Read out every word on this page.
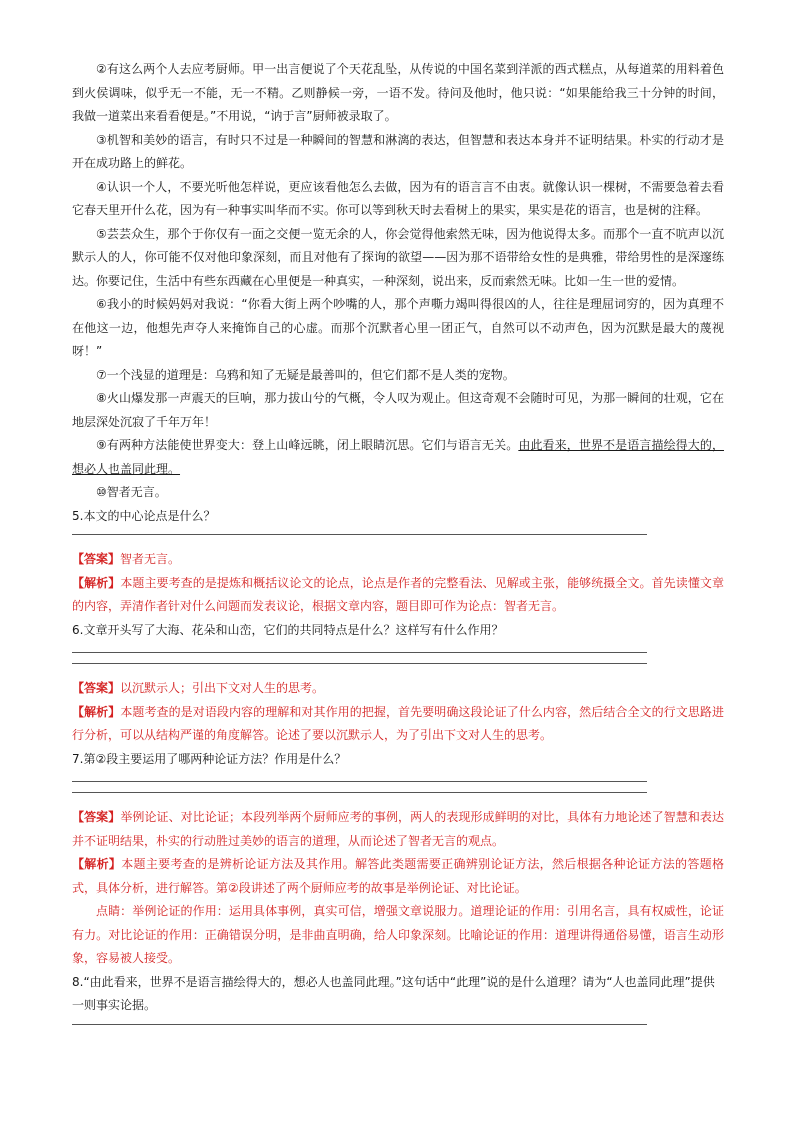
②有这么两个人去应考厨师。甲一出言便说了个天花乱坠，从传说的中国名菜到洋派的西式糕点，从每道菜的用料着色到火侯调味，似乎无一不能，无一不精。乙则静候一旁，一语不发。待问及他时，他只说：“如果能给我三十分钟的时间，我做一道菜出来看看便是。”不用说，“讷于言”厨师被录取了。

③机智和美妙的语言，有时只不过是一种瞬间的智慧和淋漓的表达，但智慧和表达本身并不证明结果。朴实的行动才是开在成功路上的鲜花。

④认识一个人，不要光听他怎样说，更应该看他怎么去做，因为有的语言言不由衷。就像认识一棵树，不需要急着去看它春天里开什么花，因为有一种事实叫华而不实。你可以等到秋天时去看树上的果实，果实是花的语言，也是树的注释。

⑤芸芸众生，那个于你仅有一面之交便一览无余的人，你会觉得他索然无味，因为他说得太多。而那个一直不吭声以沉默示人的人，你可能不仅对他印象深刻，而且对他有了探询的欲望——因为那不语带给女性的是典雅，带给男性的是深邃练达。你要记住，生活中有些东西藏在心里便是一种真实，一种深刻，说出来，反而索然无味。比如一生一世的爱情。

⑥我小的时候妈妈对我说：“你看大街上两个吵嘴的人，那个声嘶力竭叫得很凶的人，往往是理屈词穷的，因为真理不在他这一边，他想先声夺人来掩饰自己的心虚。而那个沉默者心里一团正气，自然可以不动声色，因为沉默是最大的蔑视呀！”

⑦一个浅显的道理是：乌鸦和知了无疑是最善叫的，但它们都不是人类的宠物。

⑧火山爆发那一声震天的巨响，那力拔山兮的气概，令人叹为观止。但这奇观不会随时可见，为那一瞬间的壮观，它在地层深处沉寂了千年万年！

⑨有两种方法能使世界变大：登上山峰远眺，闭上眼睛沉思。它们与语言无关。由此看来，世界不是语言描绘得大的，想必人也盖同此理。

⑩智者无言。

5.本文的中心论点是什么？

【答案】智者无言。

【解析】本题主要考查的是提炼和概括议论文的论点，论点是作者的完整看法、见解或主张，能够统摄全文。首先读懂文章的内容，弄清作者针对什么问题而发表议论，根据文章内容，题目即可作为论点：智者无言。

6.文章开头写了大海、花朵和山峦，它们的共同特点是什么？这样写有什么作用？

【答案】以沉默示人；引出下文对人生的思考。

【解析】本题考查的是对语段内容的理解和对其作用的把握，首先要明确这段论证了什么内容，然后结合全文的行文思路进行分析，可以从结构严谨的角度解答。论述了要以沉默示人，为了引出下文对人生的思考。

7.第②段主要运用了哪两种论证方法？作用是什么？

【答案】举例论证、对比论证；本段列举两个厨师应考的事例，两人的表现形成鲜明的对比，具体有力地论述了智慧和表达并不证明结果，朴实的行动胜过美妙的语言的道理，从而论述了智者无言的观点。

【解析】本题主要考查的是辨析论证方法及其作用。解答此类题需要正确辨别论证方法，然后根据各种论证方法的答题格式，具体分析，进行解答。第②段讲述了两个厨师应考的故事是举例论证、对比论证。

点睛：举例论证的作用：运用具体事例，真实可信，增强文章说服力。道理论证的作用：引用名言，具有权威性，论证有力。对比论证的作用：正确错误分明，是非曲直明确，给人印象深刻。比喻论证的作用：道理讲得通俗易懂，语言生动形象，容易被人接受。

8.“由此看来，世界不是语言描绘得大的，想必人也盖同此理。”这句话中“此理”说的是什么道理？请为“人也盖同此理”提供一则事实论据。
